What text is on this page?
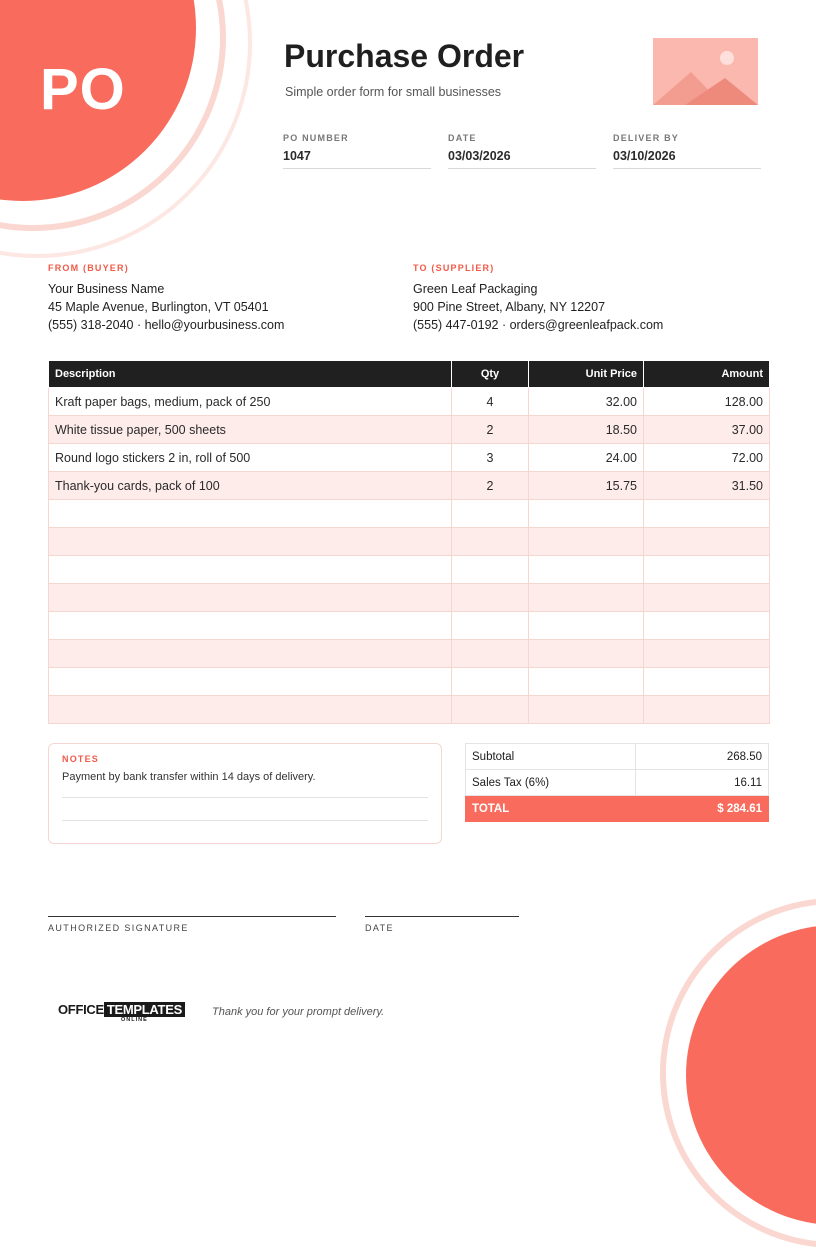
PO
Purchase Order
Simple order form for small businesses
PO NUMBER
1047
DATE
03/03/2026
DELIVER BY
03/10/2026
FROM (BUYER)
Your Business Name
45 Maple Avenue, Burlington, VT 05401
(555) 318-2040 · hello@yourbusiness.com
TO (SUPPLIER)
Green Leaf Packaging
900 Pine Street, Albany, NY 12207
(555) 447-0192 · orders@greenleafpack.com
Description	Qty	Unit Price	Amount
Kraft paper bags, medium, pack of 250	4	32.00	128.00
White tissue paper, 500 sheets	2	18.50	37.00
Round logo stickers 2 in, roll of 500	3	24.00	72.00
Thank-you cards, pack of 100	2	15.75	31.50

NOTES
Payment by bank transfer within 14 days of delivery.
Subtotal	268.50
Sales Tax (6%)	16.11
TOTAL	$ 284.61
AUTHORIZED SIGNATURE	DATE
OFFICE TEMPLATES
ONLINE
Thank you for your prompt delivery.
